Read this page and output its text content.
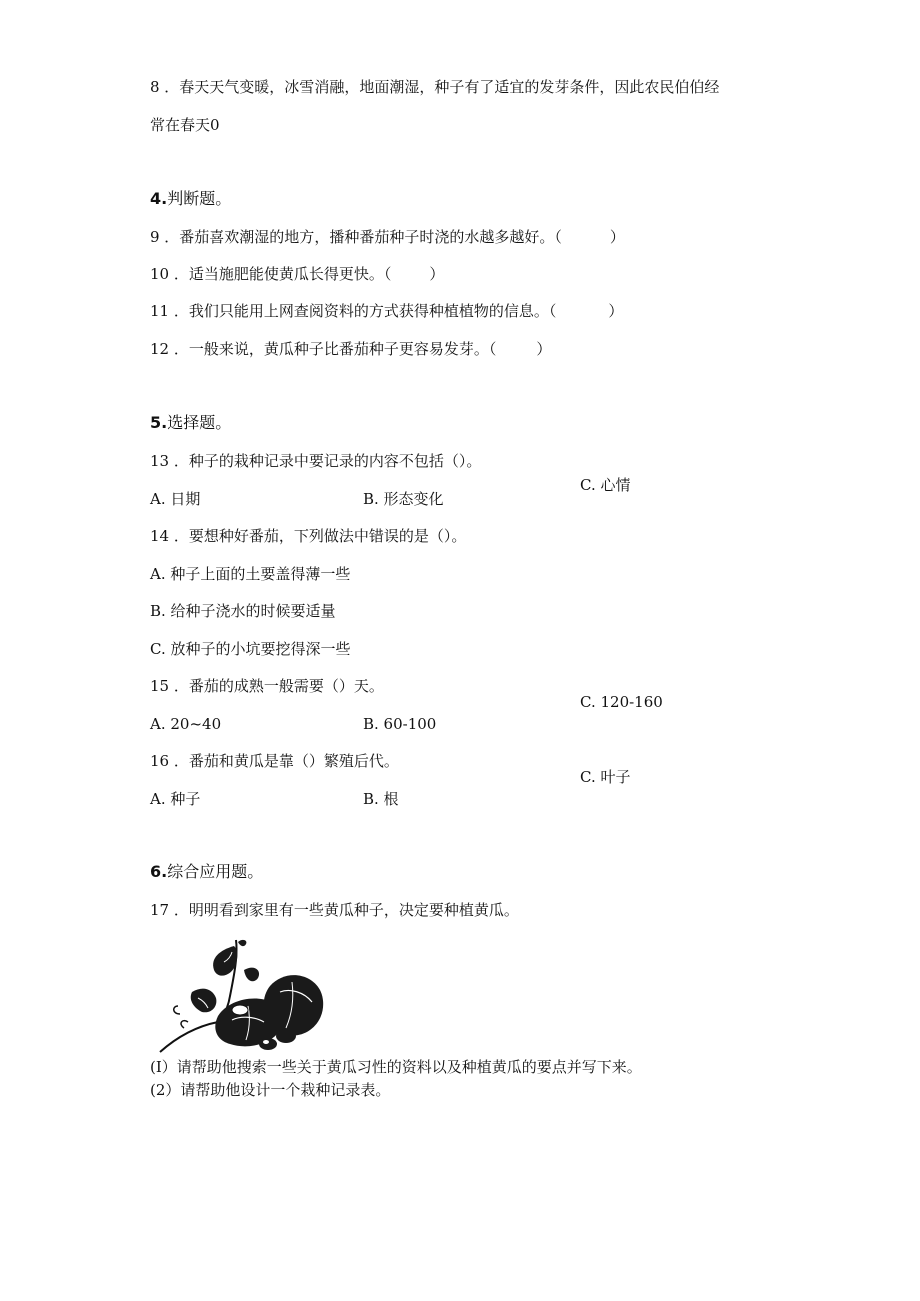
8 ．春天天气变暖，冰雪消融，地面潮湿，种子有了适宜的发芽条件，因此农民伯伯经
常在春天0
4.判断题。
9 ．番茄喜欢潮湿的地方，播种番茄种子时浇的水越多越好。（	）
10 ．适当施肥能使黄瓜长得更快。（	）
11 ．我们只能用上网查阅资料的方式获得种植植物的信息。（	）
12 ．一般来说，黄瓜种子比番茄种子更容易发芽。（	）
5.选择题。
13 ．种子的栽种记录中要记录的内容不包括（）。
A. 日期	B. 形态变化
C. 心情
14 ．要想种好番茄，下列做法中错误的是（）。
A. 种子上面的土要盖得薄一些
B. 给种子浇水的时候要适量
C. 放种子的小坑要挖得深一些
15 ．番茄的成熟一般需要（）天。
A. 20~40	B. 60-100
C. 120-160
16 ．番茄和黄瓜是靠（）繁殖后代。
A. 种子	B. 根
C. 叶子
6.综合应用题。
17 ．明明看到家里有一些黄瓜种子，决定要种植黄瓜。
(I）请帮助他搜索一些关于黄瓜习性的资料以及种植黄瓜的要点并写下来。
(2）请帮助他设计一个栽种记录表。
